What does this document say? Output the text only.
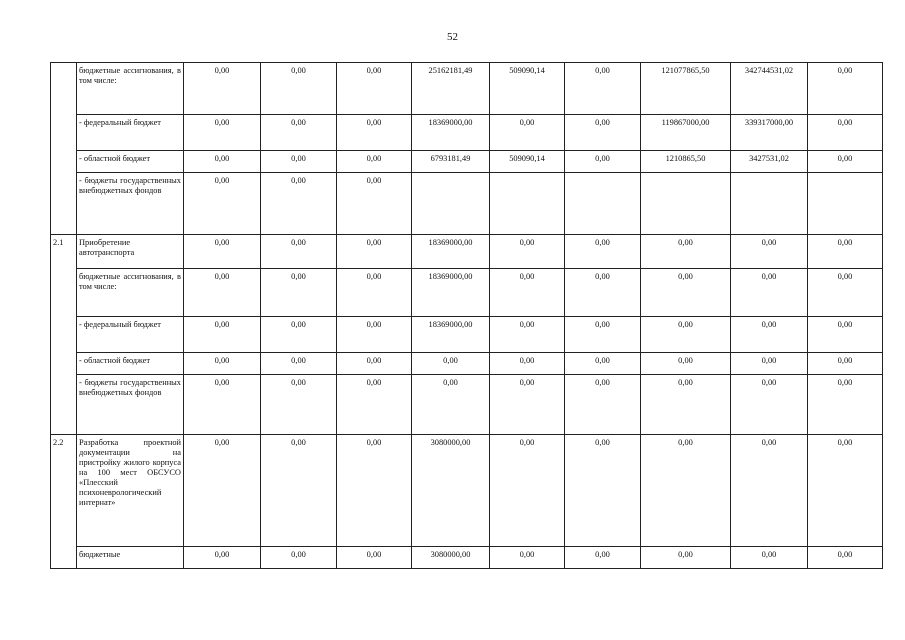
52
	бюджетные ассигнования, в том числе:	0,00	0,00	0,00	25162181,49	509090,14	0,00	121077865,50	342744531,02	0,00
	- федеральный бюджет	0,00	0,00	0,00	18369000,00	0,00	0,00	119867000,00	339317000,00	0,00
	- областной бюджет	0,00	0,00	0,00	6793181,49	509090,14	0,00	1210865,50	3427531,02	0,00
	- бюджеты государственных внебюджетных фондов	0,00	0,00	0,00						
2.1	Приобретение автотранспорта	0,00	0,00	0,00	18369000,00	0,00	0,00	0,00	0,00	0,00
	бюджетные ассигнования, в том числе:	0,00	0,00	0,00	18369000,00	0,00	0,00	0,00	0,00	0,00
	- федеральный бюджет	0,00	0,00	0,00	18369000,00	0,00	0,00	0,00	0,00	0,00
	- областной бюджет	0,00	0,00	0,00	0,00	0,00	0,00	0,00	0,00	0,00
	- бюджеты государственных внебюджетных фондов	0,00	0,00	0,00	0,00	0,00	0,00	0,00	0,00	0,00
2.2	Разработка проектной документации на пристройку жилого корпуса на 100 мест ОБСУСО «Плесский психоневрологический интернат»	0,00	0,00	0,00	3080000,00	0,00	0,00	0,00	0,00	0,00
	бюджетные	0,00	0,00	0,00	3080000,00	0,00	0,00	0,00	0,00	0,00
